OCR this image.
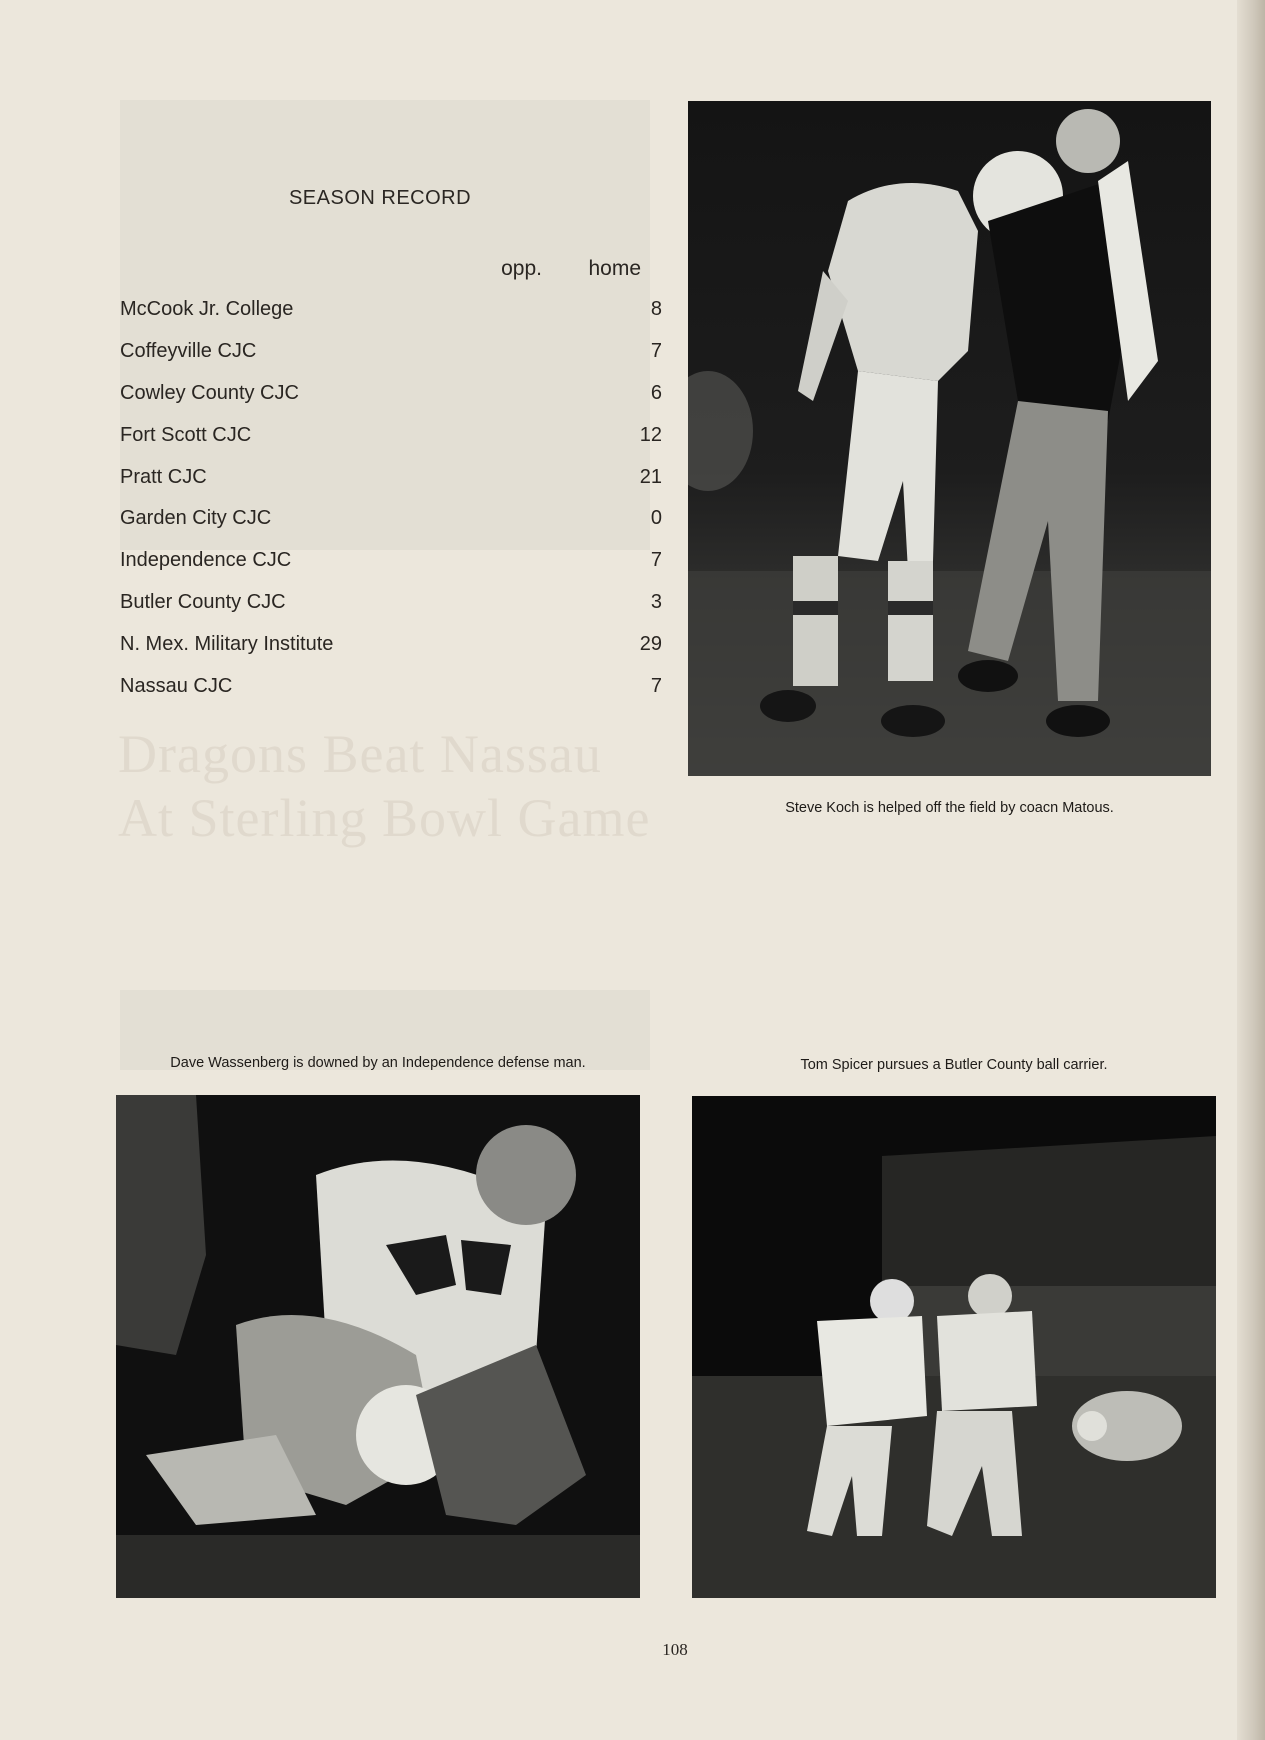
Dragons Beat Nassau At Sterling Bowl Game
SEASON RECORD
opp.	home
McCook Jr. College	8
Coffeyville CJC	7
Cowley County CJC	6
Fort Scott CJC	12
Pratt CJC	21
Garden City CJC	0
Independence CJC	7
Butler County CJC	3
N. Mex. Military Institute	29
Nassau CJC	7
Steve Koch is helped off the field by coacn Matous.
Dave Wassenberg is downed by an Independence defense man.	Tom Spicer pursues a Butler County ball carrier.
108
